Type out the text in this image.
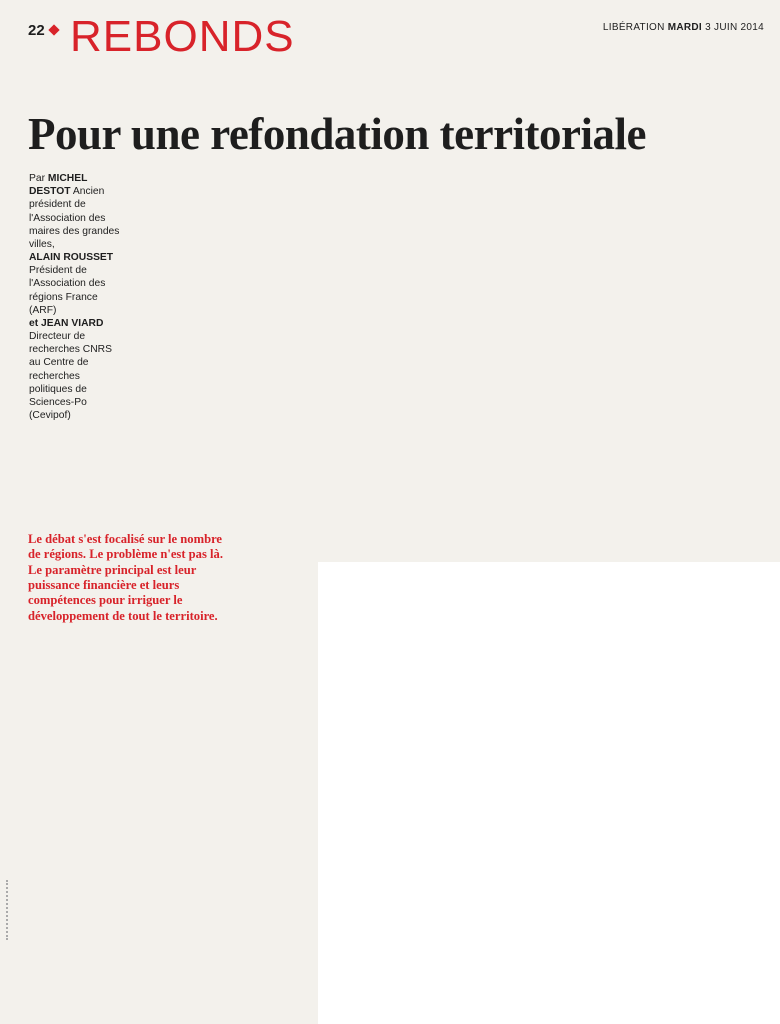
22 REBONDS	LIBÉRATION MARDI 3 JUIN 2014
Pour une refondation territoriale

Par MICHEL DESTOT Ancien président de l'Association des maires des grandes villes,

ALAIN ROUSSET

Président de l'Association des régions France (ARF)

et JEAN VIARD

Directeur de recherches CNRS au Centre de recherches politiques de Sciences-Po (Cevipof)

Le débat s'est focalisé sur le nombre de régions. Le problème n'est pas là. Le paramètre principal est leur puissance financière et leurs compétences pour irriguer le développement de tout le territoire.
